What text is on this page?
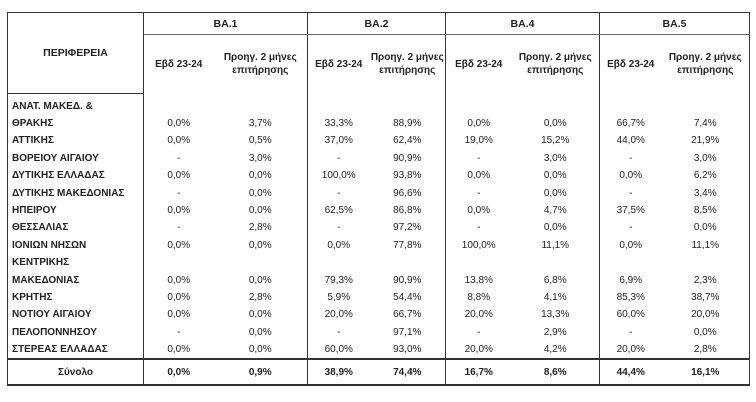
ΠΕΡΙΦΕΡΕΙΑ	ΒΑ.1		ΒΑ.2		ΒΑ.4		ΒΑ.5	
	Εβδ 23-24	Προηγ. 2 μήνες επιτήρησης	Εβδ 23-24	Προηγ. 2 μήνες επιτήρησης	Εβδ 23-24	Προηγ. 2 μήνες επιτήρησης	Εβδ 23-24	Προηγ. 2 μήνες επιτήρησης
ΑΝΑΤ. ΜΑΚΕΔ. &								
ΘΡΑΚΗΣ	0,0%	3,7%	33,3%	88,9%	0,0%	0,0%	66,7%	7,4%
ΑΤΤΙΚΗΣ	0,0%	0,5%	37,0%	62,4%	19,0%	15,2%	44,0%	21,9%
ΒΟΡΕΙΟΥ ΑΙΓΑΙΟΥ	-	3,0%	-	90,9%	-	3,0%	-	3,0%
ΔΥΤΙΚΗΣ ΕΛΛΑΔΑΣ	0,0%	0,0%	100,0%	93,8%	0,0%	0,0%	0,0%	6,2%
ΔΥΤΙΚΗΣ ΜΑΚΕΔΟΝΙΑΣ	-	0,0%	-	96,6%	-	0,0%	-	3,4%
ΗΠΕΙΡΟΥ	0,0%	0,0%	62,5%	86,8%	0,0%	4,7%	37,5%	8,5%
ΘΕΣΣΑΛΙΑΣ	-	2,8%	-	97,2%	-	0,0%	-	0,0%
ΙΟΝΙΩΝ ΝΗΣΩΝ	0,0%	0,0%	0,0%	77,8%	100,0%	11,1%	0,0%	11,1%
ΚΕΝΤΡΙΚΗΣ								
ΜΑΚΕΔΟΝΙΑΣ	0,0%	0,0%	79,3%	90,9%	13,8%	6,8%	6,9%	2,3%
ΚΡΗΤΗΣ	0,0%	2,8%	5,9%	54,4%	8,8%	4,1%	85,3%	38,7%
ΝΟΤΙΟΥ ΑΙΓΑΙΟΥ	0,0%	0,0%	20,0%	66,7%	20,0%	13,3%	60,0%	20,0%
ΠΕΛΟΠΟΝΝΗΣΟΥ	-	0,0%	-	97,1%	-	2,9%	-	0,0%
ΣΤΕΡΕΑΣ ΕΛΛΑΔΑΣ	0,0%	0,0%	60,0%	93,0%	20,0%	4,2%	20,0%	2,8%
Σύνολο	0,0%	0,9%	38,9%	74,4%	16,7%	8,6%	44,4%	16,1%
